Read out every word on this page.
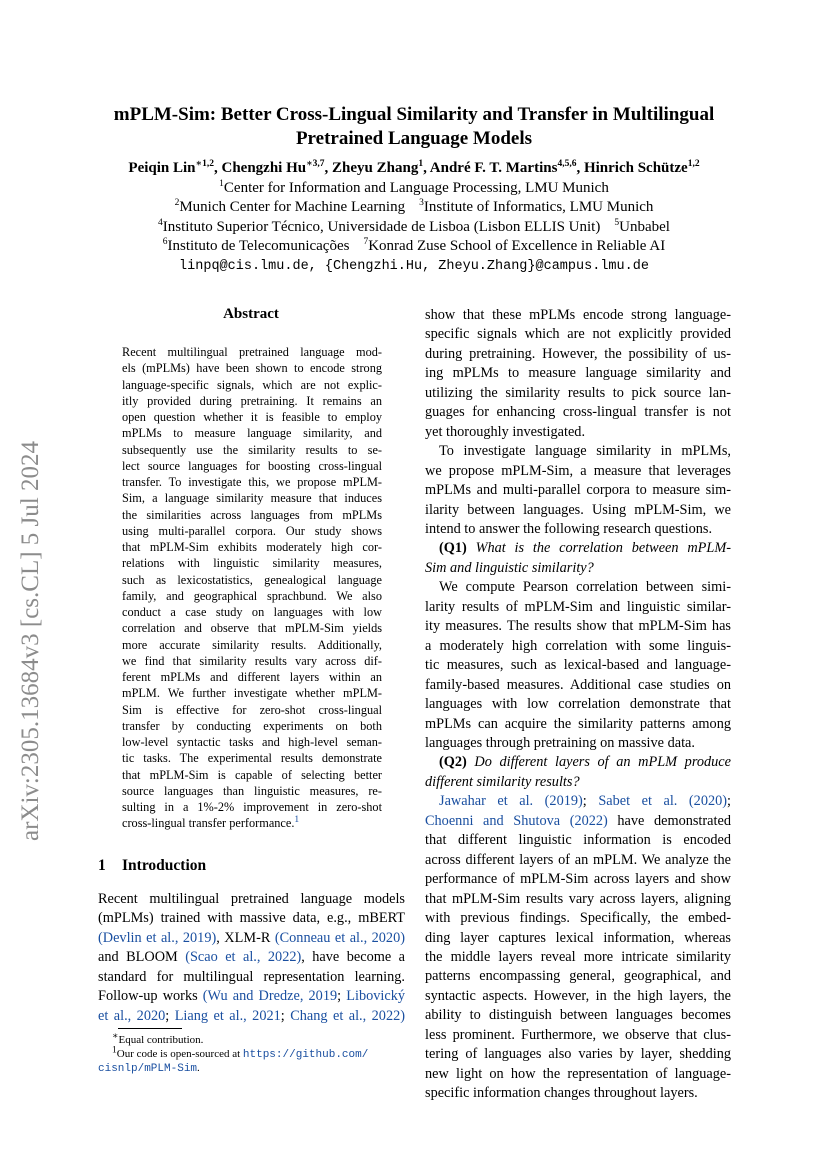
arXiv:2305.13684v3 [cs.CL] 5 Jul 2024
mPLM-Sim: Better Cross-Lingual Similarity and Transfer in Multilingual
Pretrained Language Models
Peiqin Lin$^{∗1,2}$, Chengzhi $Hu^{∗3,7}$, Zheyu Zhang$^1$, André F. T. Martins$^{4,5,6}$, Hinrich Schütze$^{1,2}$
$^1$Center for Information and Language Processing, LMU Munich
$^2$Munich Center for Machine Learning $^3$Institute of Informatics, LMU Munich
$^4$Instituto Superior Técnico, Universidade de Lisboa (Lisbon ELLIS Unit) $^5$Unbabel
$^6$Instituto de Telecomunicações $^7$Konrad Zuse School of Excellence in Reliable AI
linpq@cis.lmu.de, {Chengzhi.Hu, Zheyu.Zhang}@campus.lmu.de
Abstract
Recent multilingual pretrained language mod-
els (mPLMs) have been shown to encode strong
language-specific signals, which are not explic-
itly provided during pretraining. It remains an
open question whether it is feasible to employ
mPLMs to measure language similarity, and
subsequently use the similarity results to se-
lect source languages for boosting cross-lingual
transfer. To investigate this, we propose mPLM-
Sim, a language similarity measure that induces
the similarities across languages from mPLMs
using multi-parallel corpora. Our study shows
that mPLM-Sim exhibits moderately high cor-
relations with linguistic similarity measures,
such as lexicostatistics, genealogical language
family, and geographical sprachbund. We also
conduct a case study on languages with low
correlation and observe that mPLM-Sim yields
more accurate similarity results. Additionally,
we find that similarity results vary across dif-
ferent mPLMs and different layers within an
mPLM. We further investigate whether mPLM-
Sim is effective for zero-shot cross-lingual
transfer by conducting experiments on both
low-level syntactic tasks and high-level seman-
tic tasks. The experimental results demonstrate
that mPLM-Sim is capable of selecting better
source languages than linguistic measures, re-
sulting in a 1%-2% improvement in zero-shot
cross-lingual transfer performance.$^1$
1 Introduction
Recent multilingual pretrained language models
(mPLMs) trained with massive data, e.g., mBERT
(Devlin et al., 2019), XLM-R (Conneau et al., 2020)
and BLOOM (Scao et al., 2022), have become a
standard for multilingual representation learning.
Follow-up works (Wu and Dredze, 2019; Libovický
et al., 2020; Liang et al., 2021; Chang et al., 2022)
∗Equal contribution.
$^1$Our code is open-sourced at https://github.com/
cisnlp/mPLM-Sim.
show that these mPLMs encode strong language-
specific signals which are not explicitly provided
during pretraining. However, the possibility of us-
ing mPLMs to measure language similarity and
utilizing the similarity results to pick source lan-
guages for enhancing cross-lingual transfer is not
yet thoroughly investigated.
To investigate language similarity in mPLMs,
we propose mPLM-Sim, a measure that leverages
mPLMs and multi-parallel corpora to measure sim-
ilarity between languages. Using mPLM-Sim, we
intend to answer the following research questions.
(Q1) What is the correlation between mPLM-
Sim and linguistic similarity?
We compute Pearson correlation between simi-
larity results of mPLM-Sim and linguistic similar-
ity measures. The results show that mPLM-Sim has
a moderately high correlation with some linguis-
tic measures, such as lexical-based and language-
family-based measures. Additional case studies on
languages with low correlation demonstrate that
mPLMs can acquire the similarity patterns among
languages through pretraining on massive data.
(Q2) Do different layers of an mPLM produce
different similarity results?
Jawahar et al. (2019); Sabet et al. (2020);
Choenni and Shutova (2022) have demonstrated
that different linguistic information is encoded
across different layers of an mPLM. We analyze the
performance of mPLM-Sim across layers and show
that mPLM-Sim results vary across layers, aligning
with previous findings. Specifically, the embed-
ding layer captures lexical information, whereas
the middle layers reveal more intricate similarity
patterns encompassing general, geographical, and
syntactic aspects. However, in the high layers, the
ability to distinguish between languages becomes
less prominent. Furthermore, we observe that clus-
tering of languages also varies by layer, shedding
new light on how the representation of language-
specific information changes throughout layers.
